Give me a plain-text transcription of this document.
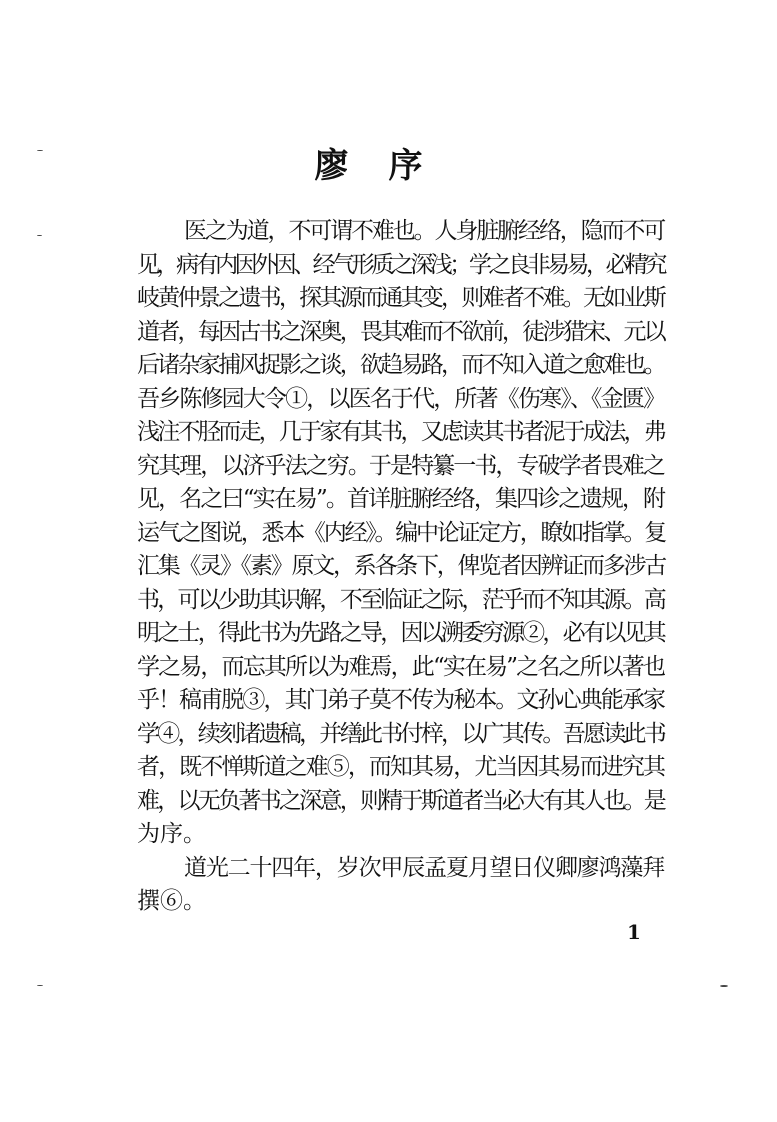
廖序
医之为道，不可谓不难也。人身脏腑经络，隐而不可
见，病有内因外因、经气形质之深浅；学之良非易易，必精究
岐黄仲景之遗书，探其源而通其变，则难者不难。无如业斯
道者，每因古书之深奥，畏其难而不欲前，徒涉猎宋、元以
后诸杂家捕风捉影之谈，欲趋易路，而不知入道之愈难也。
吾乡陈修园大令①，以医名于代，所著《伤寒》、《金匮》
浅注不胫而走，几于家有其书，又虑读其书者泥于成法，弗
究其理，以济乎法之穷。于是特纂一书，专破学者畏难之
见，名之曰“实在易”。首详脏腑经络，集四诊之遗规，附
运气之图说，悉本《内经》。编中论证定方，瞭如指掌。复
汇集《灵》《素》原文，系各条下，俾览者因辨证而多涉古
书，可以少助其识解，不至临证之际，茫乎而不知其源。高
明之士，得此书为先路之导，因以溯委穷源②，必有以见其
学之易，而忘其所以为难焉，此“实在易”之名之所以著也
乎！稿甫脱③，其门弟子莫不传为秘本。文孙心典能承家
学④，续刻诸遗稿，并缮此书付梓，以广其传。吾愿读此书
者，既不惮斯道之难⑤，而知其易，尤当因其易而进究其
难，以无负著书之深意，则精于斯道者当必大有其人也。是
为序。
道光二十四年，岁次甲辰孟夏月望日仪卿廖鸿藻拜
撰⑥。
1
